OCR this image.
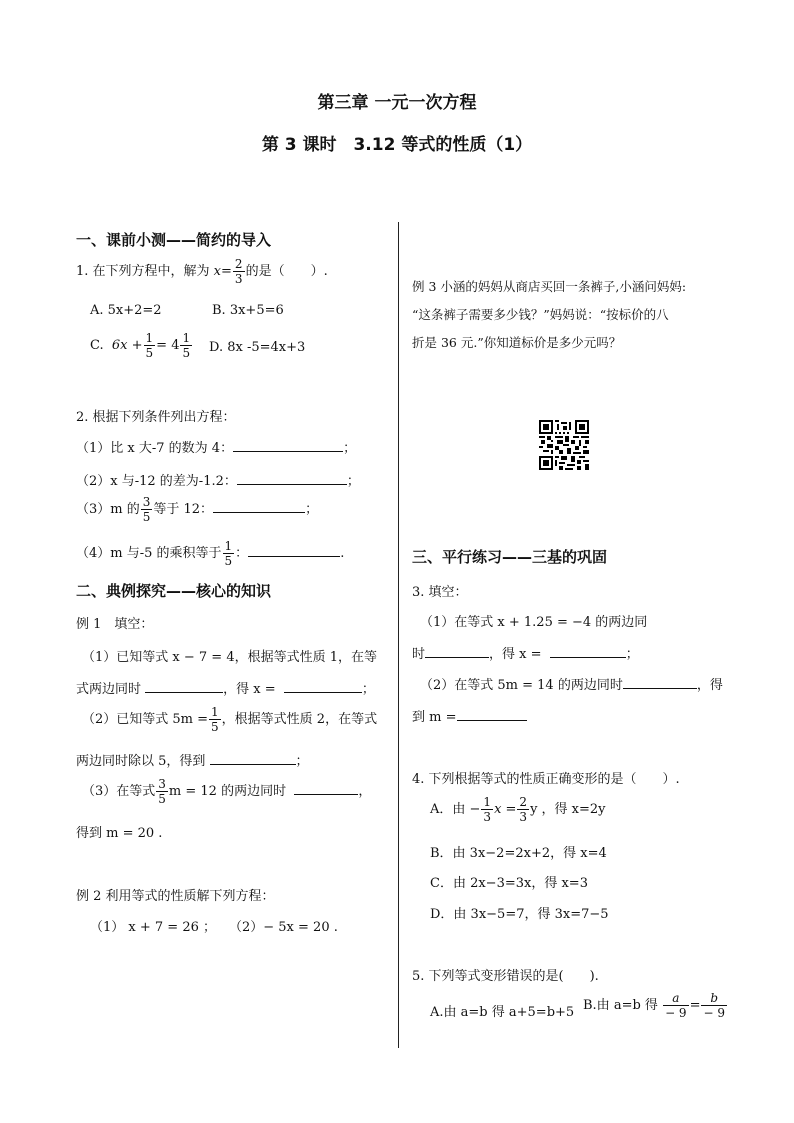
第三章 一元一次方程
第 3 课时　3.12 等式的性质（1）
一、课前小测——简约的导入
1. 在下列方程中，解为 $x= \frac{2}{3}$ 的是（　　）.
A. 5x+2=2	B. 3x+5=6
C. $6x + \frac{1}{5} = 4 \frac{1}{5} D$. 8x -5=4x+3
2. 根据下列条件列出方程：
（1）比 x 大-7 的数为 4：	；
（2）x 与-12 的差为-1.2：	；
（3）m 的 $\frac{3}{5}$ 等于 12：	；
（4）m 与-5 的乘积等于 $\frac{1}{5}$ ：	.
二、典例探究——核心的知识
例 1　填空：
（1）已知等式 x − 7 = 4，根据等式性质 1，在等
式两边同时	，得 x =	；
（2）已知等式 $5m = \frac{1}{5}$ ，根据等式性质 2，在等式
两边同时除以 5，得到	；
（3）在等式 $\frac{3}{5}$ m = 12 的两边同时	，
得到 m = 20 .
例 2 利用等式的性质解下列方程：
（1） x + 7 = 26 ；　　（2）− 5x = 20 .
例 3 小涵的妈妈从商店买回一条裤子,小涵问妈妈:
“这条裤子需要多少钱？”妈妈说：“按标价的八
折是 36 元.”你知道标价是多少元吗？
三、平行练习——三基的巩固
3. 填空：
（1）在等式 x + 1.25 = −4 的两边同
时	，得 x =	；
（2）在等式 5m = 14 的两边同时	，得
到 m =
4. 下列根据等式的性质正确变形的是（　　）.
A．由 − $\frac{1}{3}$ $x = \frac{2}{3}$ y ，得 x=2y
B．由 3x−2=2x+2，得 x=4
C．由 2x−3=3x，得 x=3
D．由 3x−5=7，得 3x=7−5
5. 下列等式变形错误的是(　　).
A.由 a=b 得 a+5=b+5 B.由 a=b 得 $\frac{a}{- 9} = \frac{b}{- 9}$
